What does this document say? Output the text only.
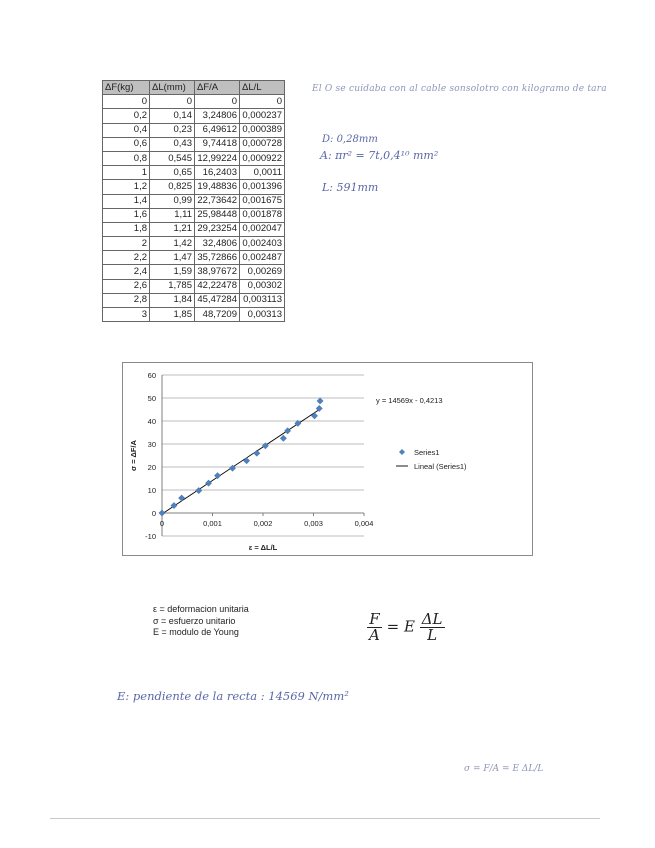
ΔF(kg)	ΔL(mm)	ΔF/A	ΔL/L
0	0	0	0
0,2	0,14	3,24806	0,000237
0,4	0,23	6,49612	0,000389
0,6	0,43	9,74418	0,000728
0,8	0,545	12,99224	0,000922
1	0,65	16,2403	0,0011
1,2	0,825	19,48836	0,001396
1,4	0,99	22,73642	0,001675
1,6	1,11	25,98448	0,001878
1,8	1,21	29,23254	0,002047
2	1,42	32,4806	0,002403
2,2	1,47	35,72866	0,002487
2,4	1,59	38,97672	0,00269
2,6	1,785	42,22478	0,00302
2,8	1,84	45,47284	0,003113
3	1,85	48,7209	0,00313
El O se cuidaba con al cable sonsolotro con kilogramo de tara
D: 0,28mm
A: πr² = 7t,0,4¹⁰ mm²
L: 591mm
-10
0
10
20
30
40
50
60
0	0,001	0,002	0,003	0,004
y = 14569x - 0,4213
ε = ΔL/L
σ = ΔF/A	Series1
Lineal (Series1)
ε = deformacion unitaria
σ = esfuerzo unitario
E = modulo de Young	$\frac{F}{A} = E \frac{\Delta L}{L}$
E: pendiente de la recta : 14569 N/mm²
σ = F/A = E ΔL/L
